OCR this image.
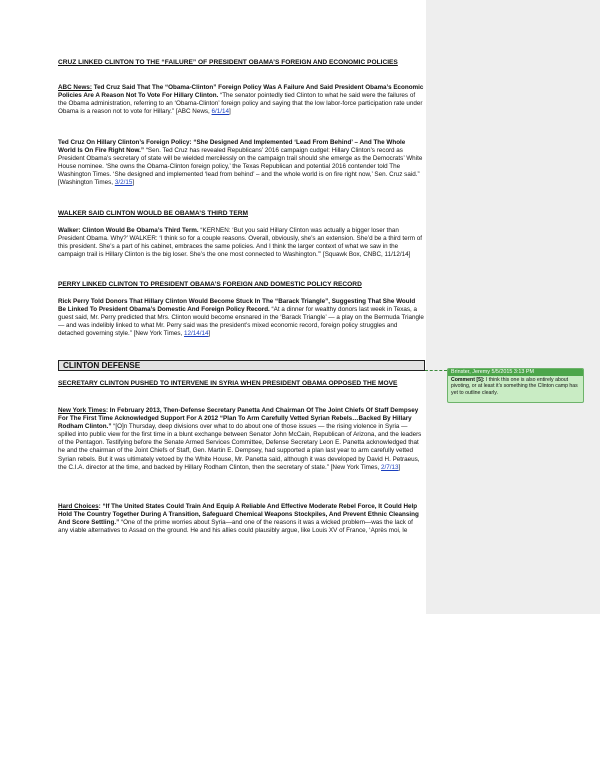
CRUZ LINKED CLINTON TO THE “FAILURE” OF PRESIDENT OBAMA’S FOREIGN AND ECONOMIC POLICIES

ABC News: Ted Cruz Said That The “Obama-Clinton” Foreign Policy Was A Failure And Said President Obama’s Economic Policies Are A Reason Not To Vote For Hillary Clinton. “The senator pointedly tied Clinton to what he said were the failures of the Obama administration, referring to an ‘Obama-Clinton’ foreign policy and saying that the low labor-force participation rate under Obama is a reason not to vote for Hillary.” [ABC News, 6/1/14]

Ted Cruz On Hillary Clinton’s Foreign Policy: “She Designed And Implemented ‘Lead From Behind’ – And The Whole World Is On Fire Right Now.” “Sen. Ted Cruz has revealed Republicans’ 2016 campaign cudgel: Hillary Clinton’s record as President Obama’s secretary of state will be wielded mercilessly on the campaign trail should she emerge as the Democrats’ White House nominee. ‘She owns the Obama-Clinton foreign policy,’ the Texas Republican and potential 2016 contender told The Washington Times. ‘She designed and implemented ‘lead from behind’ – and the whole world is on fire right now,’ Sen. Cruz said.” [Washington Times, 3/2/15]

WALKER SAID CLINTON WOULD BE OBAMA’S THIRD TERM

Walker: Clinton Would Be Obama’s Third Term. “KERNEN: ‘But you said Hillary Clinton was actually a bigger loser than President Obama. Why?’ WALKER: ‘I think so for a couple reasons. Overall, obviously, she’s an extension. She’d be a third term of this president. She’s a part of his cabinet, embraces the same policies. And I think the larger context of what we saw in the campaign trail is Hillary Clinton is the big loser. She’s the one most connected to Washington.’” [Squawk Box, CNBC, 11/12/14]

PERRY LINKED CLINTON TO PRESIDENT OBAMA’S FOREIGN AND DOMESTIC POLICY RECORD

Rick Perry Told Donors That Hillary Clinton Would Become Stuck In The “Barack Triangle”, Suggesting That She Would Be Linked To President Obama’s Domestic And Foreign Policy Record. “At a dinner for wealthy donors last week in Texas, a guest said, Mr. Perry predicted that Mrs. Clinton would become ensnared in the ‘Barack Triangle’ — a play on the Bermuda Triangle — and was indelibly linked to what Mr. Perry said was the president’s mixed economic record, foreign policy struggles and detached governing style.” [New York Times, 12/14/14]

SECRETARY CLINTON PUSHED TO INTERVENE IN SYRIA WHEN PRESIDENT OBAMA OPPOSED THE MOVE

New York Times: In February 2013, Then-Defense Secretary Panetta And Chairman Of The Joint Chiefs Of Staff Dempsey For The First Time Acknowledged Support For A 2012 “Plan To Arm Carefully Vetted Syrian Rebels…Backed By Hillary Rodham Clinton.” “[O]n Thursday, deep divisions over what to do about one of those issues — the rising violence in Syria — spilled into public view for the first time in a blunt exchange between Senator John McCain, Republican of Arizona, and the leaders of the Pentagon. Testifying before the Senate Armed Services Committee, Defense Secretary Leon E. Panetta acknowledged that he and the chairman of the Joint Chiefs of Staff, Gen. Martin E. Dempsey, had supported a plan last year to arm carefully vetted Syrian rebels. But it was ultimately vetoed by the White House, Mr. Panetta said, although it was developed by David H. Petraeus, the C.I.A. director at the time, and backed by Hillary Rodham Clinton, then the secretary of state.” [New York Times, 2/7/13]

Hard Choices: “If The United States Could Train And Equip A Reliable And Effective Moderate Rebel Force, It Could Help Hold The Country Together During A Transition, Safeguard Chemical Weapons Stockpiles, And Prevent Ethnic Cleansing And Score Settling.” “One of the prime worries about Syria—and one of the reasons it was a wicked problem—was the lack of any viable alternatives to Assad on the ground. He and his allies could plausibly argue, like Louis XV of France, ‘Après moi, le

CLINTON DEFENSE
Brinster, Jeremy 5/5/2015 3:13 PM
Comment [5]: I think this one is also entirely about pivoting, or at least it’s something the Clinton camp has yet to outline clearly.
